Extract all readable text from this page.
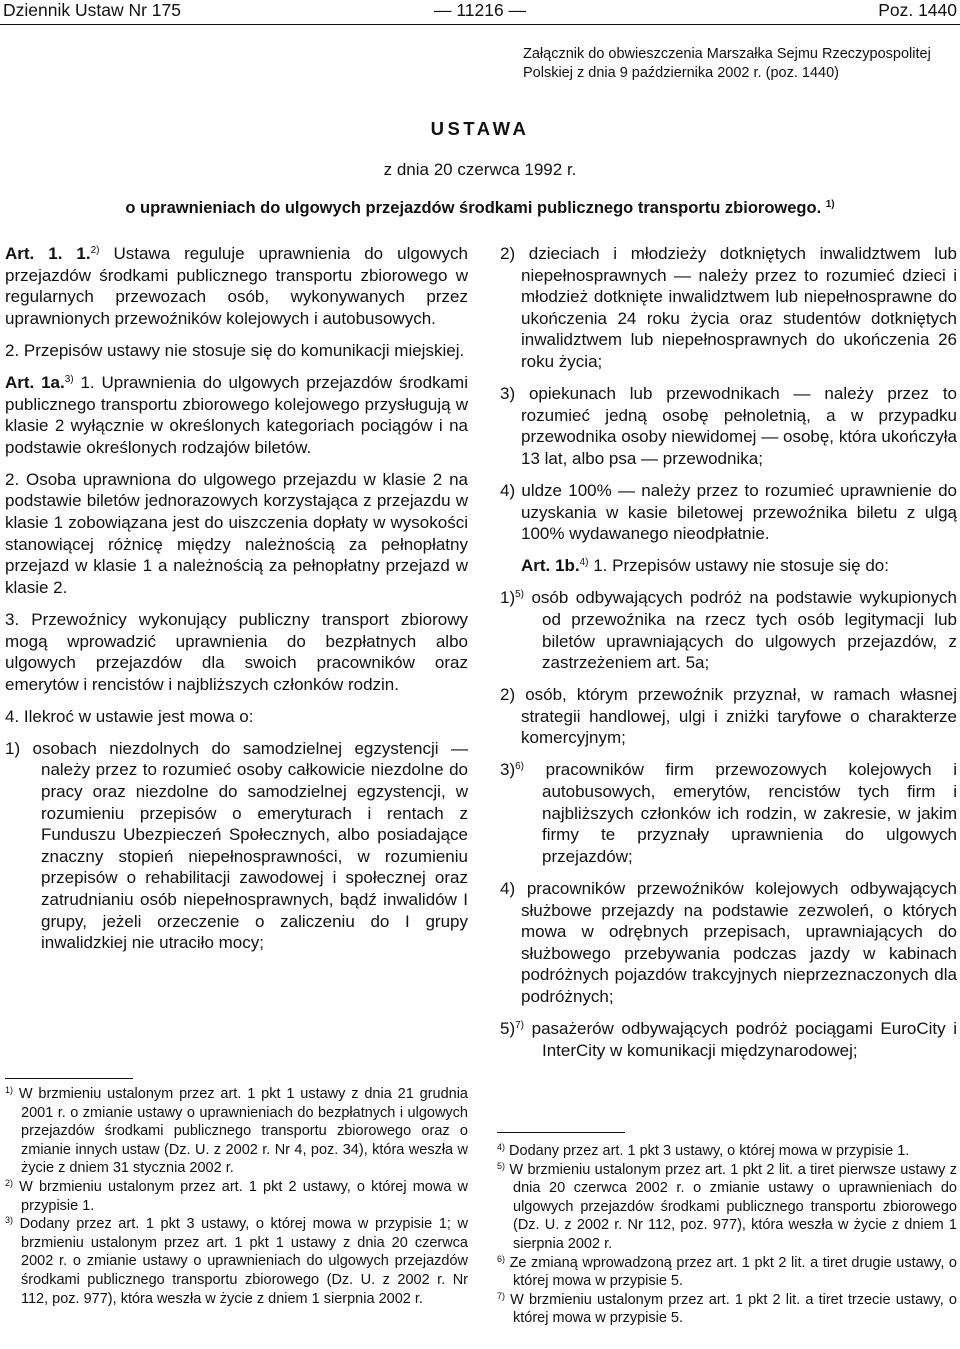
— 11216 —
Dziennik Ustaw Nr 175	Poz. 1440
Załącznik do obwieszczenia Marszałka Sejmu Rzeczypospolitej
Polskiej z dnia 9 października 2002 r. (poz. 1440)
USTAWA
z dnia 20 czerwca 1992 r.
o uprawnieniach do ulgowych przejazdów środkami publicznego transportu zbiorowego. $^{1)}$

Art. 1. 1.$^{2)}$ Ustawa reguluje uprawnienia do ulgowych przejazdów środkami publicznego transportu zbiorowego w regularnych przewozach osób, wykonywanych przez uprawnionych przewoźników kolejowych i autobusowych.

2. Przepisów ustawy nie stosuje się do komunikacji miejskiej.

Art. 1a.$^{3)}$ 1. Uprawnienia do ulgowych przejazdów środkami publicznego transportu zbiorowego kolejowego przysługują w klasie 2 wyłącznie w określonych kategoriach pociągów i na podstawie określonych rodzajów biletów.

2. Osoba uprawniona do ulgowego przejazdu w klasie 2 na podstawie biletów jednorazowych korzystająca z przejazdu w klasie 1 zobowiązana jest do uiszczenia dopłaty w wysokości stanowiącej różnicę między należnością za pełnopłatny przejazd w klasie 1 a należnością za pełnopłatny przejazd w klasie 2.

3. Przewoźnicy wykonujący publiczny transport zbiorowy mogą wprowadzić uprawnienia do bezpłatnych albo ulgowych przejazdów dla swoich pracowników oraz emerytów i rencistów i najbliższych członków rodzin.

4. Ilekroć w ustawie jest mowa o:

1) osobach niezdolnych do samodzielnej egzystencji — należy przez to rozumieć osoby całkowicie niezdolne do pracy oraz niezdolne do samodzielnej egzystencji, w rozumieniu przepisów o emeryturach i rentach z Funduszu Ubezpieczeń Społecznych, albo posiadające znaczny stopień niepełnosprawności, w rozumieniu przepisów o rehabilitacji zawodowej i społecznej oraz zatrudnianiu osób niepełnosprawnych, bądź inwalidów I grupy, jeżeli orzeczenie o zaliczeniu do I grupy inwalidzkiej nie utraciło mocy;

2) dzieciach i młodzieży dotkniętych inwalidztwem lub niepełnosprawnych — należy przez to rozumieć dzieci i młodzież dotknięte inwalidztwem lub niepełnosprawne do ukończenia 24 roku życia oraz studentów dotkniętych inwalidztwem lub niepełnosprawnych do ukończenia 26 roku życia;

3) opiekunach lub przewodnikach — należy przez to rozumieć jedną osobę pełnoletnią, a w przypadku przewodnika osoby niewidomej — osobę, która ukończyła 13 lat, albo psa — przewodnika;

4) uldze 100% — należy przez to rozumieć uprawnienie do uzyskania w kasie biletowej przewoźnika biletu z ulgą 100% wydawanego nieodpłatnie.

Art. 1b.$^{4)}$ 1. Przepisów ustawy nie stosuje się do:

1)$^{5)}$ osób odbywających podróż na podstawie wykupionych od przewoźnika na rzecz tych osób legitymacji lub biletów uprawniających do ulgowych przejazdów, z zastrzeżeniem art. 5a;

2) osób, którym przewoźnik przyznał, w ramach własnej strategii handlowej, ulgi i zniżki taryfowe o charakterze komercyjnym;

3)$^{6)}$ pracowników firm przewozowych kolejowych i autobusowych, emerytów, rencistów tych firm i najbliższych członków ich rodzin, w zakresie, w jakim firmy te przyznały uprawnienia do ulgowych przejazdów;

4) pracowników przewoźników kolejowych odbywających służbowe przejazdy na podstawie zezwoleń, o których mowa w odrębnych przepisach, uprawniających do służbowego przebywania podczas jazdy w kabinach podróżnych pojazdów trakcyjnych nieprzeznaczonych dla podróżnych;

5)$^{7)}$ pasażerów odbywających podróż pociągami EuroCity i InterCity w komunikacji międzynarodowej;

$^{1)}$ W brzmieniu ustalonym przez art. 1 pkt 1 ustawy z dnia 21 grudnia 2001 r. o zmianie ustawy o uprawnieniach do bezpłatnych i ulgowych przejazdów środkami publicznego transportu zbiorowego oraz o zmianie innych ustaw (Dz. U. z 2002 r. Nr 4, poz. 34), która weszła w życie z dniem 31 stycznia 2002 r.

$^{2)}$ W brzmieniu ustalonym przez art. 1 pkt 2 ustawy, o której mowa w przypisie 1.

$^{3)}$ Dodany przez art. 1 pkt 3 ustawy, o której mowa w przypisie 1; w brzmieniu ustalonym przez art. 1 pkt 1 ustawy z dnia 20 czerwca 2002 r. o zmianie ustawy o uprawnieniach do ulgowych przejazdów środkami publicznego transportu zbiorowego (Dz. U. z 2002 r. Nr 112, poz. 977), która weszła w życie z dniem 1 sierpnia 2002 r.

$^{4)}$ Dodany przez art. 1 pkt 3 ustawy, o której mowa w przypisie 1.

$^{5)}$ W brzmieniu ustalonym przez art. 1 pkt 2 lit. a tiret pierwsze ustawy z dnia 20 czerwca 2002 r. o zmianie ustawy o uprawnieniach do ulgowych przejazdów środkami publicznego transportu zbiorowego (Dz. U. z 2002 r. Nr 112, poz. 977), która weszła w życie z dniem 1 sierpnia 2002 r.

$^{6)}$ Ze zmianą wprowadzoną przez art. 1 pkt 2 lit. a tiret drugie ustawy, o której mowa w przypisie 5.

$^{7)}$ W brzmieniu ustalonym przez art. 1 pkt 2 lit. a tiret trzecie ustawy, o której mowa w przypisie 5.
